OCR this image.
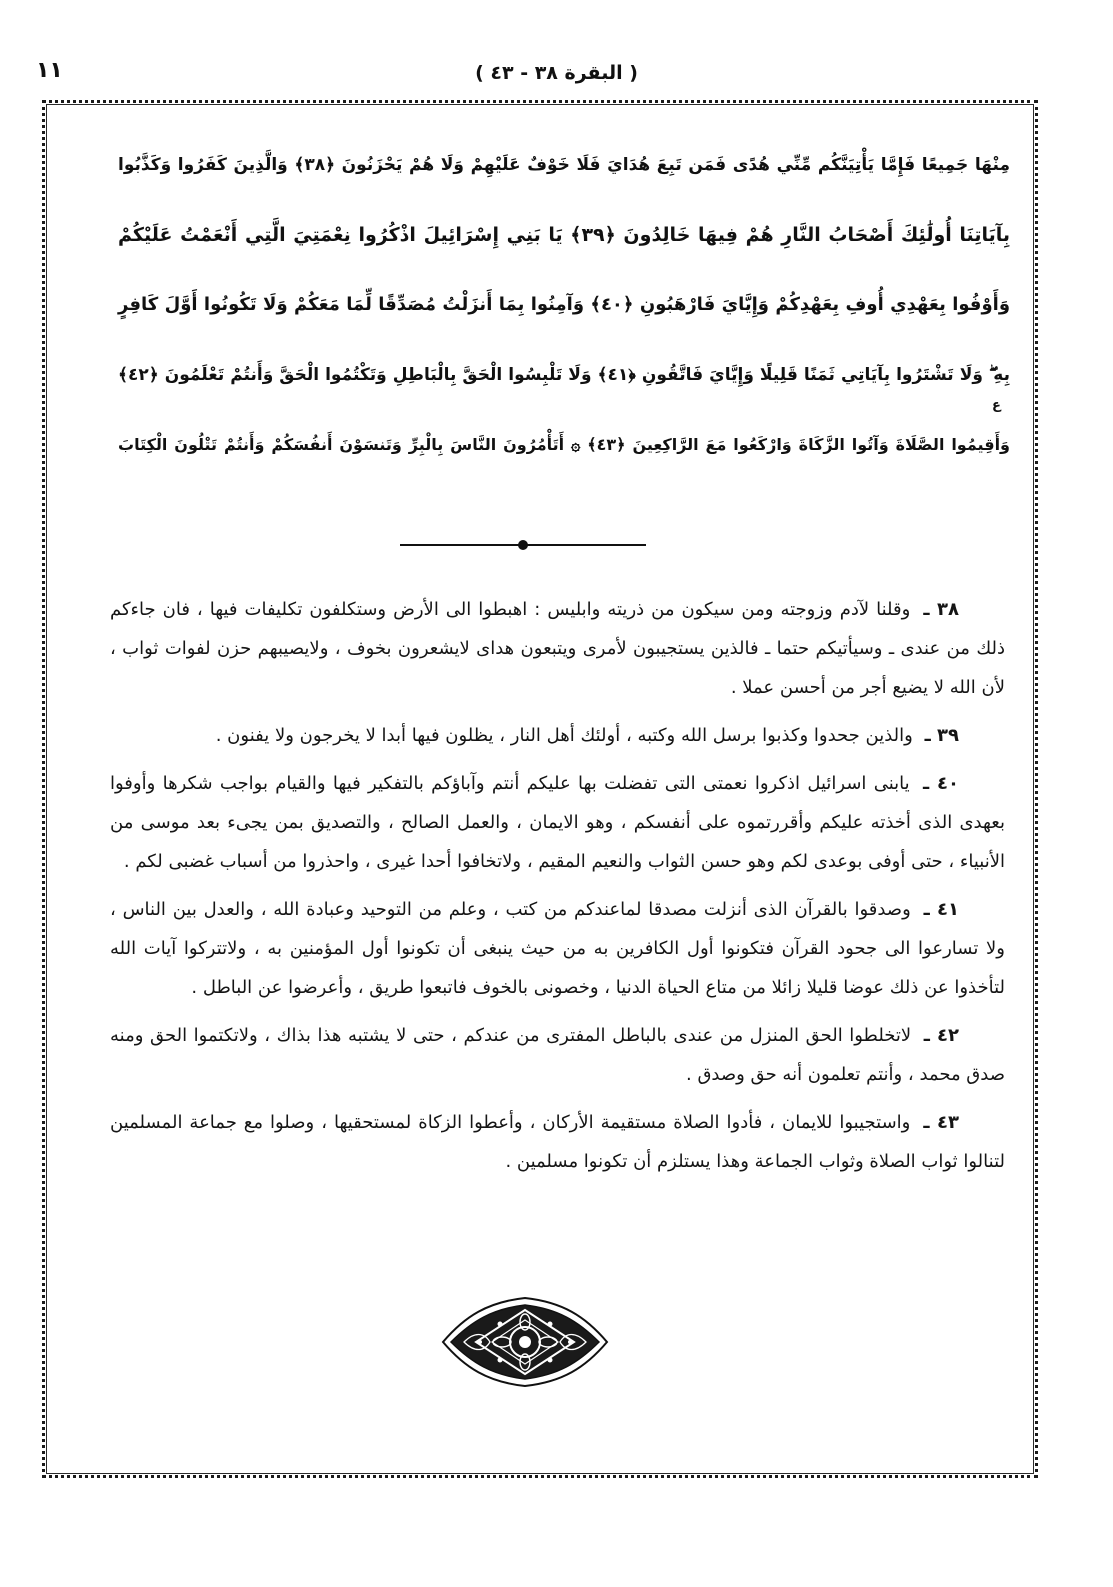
١١	( البقرة ٣٨ - ٤٣ )
مِنْهَا جَمِيعًا فَإِمَّا يَأْتِيَنَّكُم مِّنِّي هُدًى فَمَن تَبِعَ هُدَايَ فَلَا خَوْفٌ عَلَيْهِمْ وَلَا هُمْ يَحْزَنُونَ ﴿٣٨﴾ وَالَّذِينَ كَفَرُوا وَكَذَّبُوا
بِآيَاتِنَا أُولَٰئِكَ أَصْحَابُ النَّارِ هُمْ فِيهَا خَالِدُونَ ﴿٣٩﴾ يَا بَنِي إِسْرَائِيلَ اذْكُرُوا نِعْمَتِيَ الَّتِي أَنْعَمْتُ عَلَيْكُمْ
وَأَوْفُوا بِعَهْدِي أُوفِ بِعَهْدِكُمْ وَإِيَّايَ فَارْهَبُونِ ﴿٤٠﴾ وَآمِنُوا بِمَا أَنزَلْتُ مُصَدِّقًا لِّمَا مَعَكُمْ وَلَا تَكُونُوا أَوَّلَ كَافِرٍ
بِهِ ۖ وَلَا تَشْتَرُوا بِآيَاتِي ثَمَنًا قَلِيلًا وَإِيَّايَ فَاتَّقُونِ ﴿٤١﴾ وَلَا تَلْبِسُوا الْحَقَّ بِالْبَاطِلِ وَتَكْتُمُوا الْحَقَّ وَأَنتُمْ تَعْلَمُونَ ﴿٤٢﴾
وَأَقِيمُوا الصَّلَاةَ وَآتُوا الزَّكَاةَ وَارْكَعُوا مَعَ الرَّاكِعِينَ ﴿٤٣﴾ ۞ أَتَأْمُرُونَ النَّاسَ بِالْبِرِّ وَتَنسَوْنَ أَنفُسَكُمْ وَأَنتُمْ تَتْلُونَ الْكِتَابَ
ع

٣٨ ـ وقلنا لآدم وزوجته ومن سيكون من ذريته وابليس : اهبطوا الى الأرض وستكلفون تكليفات فيها ، فان جاءكم ذلك من عندى ـ وسيأتيكم حتما ـ فالذين يستجيبون لأمرى ويتبعون هداى لايشعرون بخوف ، ولايصيبهم حزن لفوات ثواب ، لأن الله لا يضيع أجر من أحسن عملا .

٣٩ ـ والذين جحدوا وكذبوا برسل الله وكتبه ، أولئك أهل النار ، يظلون فيها أبدا لا يخرجون ولا يفنون .

٤٠ ـ يابنى اسرائيل اذكروا نعمتى التى تفضلت بها عليكم أنتم وآباؤكم بالتفكير فيها والقيام بواجب شكرها وأوفوا بعهدى الذى أخذته عليكم وأقررتموه على أنفسكم ، وهو الايمان ، والعمل الصالح ، والتصديق بمن يجىء بعد موسى من الأنبياء ، حتى أوفى بوعدى لكم وهو حسن الثواب والنعيم المقيم ، ولاتخافوا أحدا غيرى ، واحذروا من أسباب غضبى لكم .

٤١ ـ وصدقوا بالقرآن الذى أنزلت مصدقا لماعندكم من كتب ، وعلم من التوحيد وعبادة الله ، والعدل بين الناس ، ولا تسارعوا الى جحود القرآن فتكونوا أول الكافرين به من حيث ينبغى أن تكونوا أول المؤمنين به ، ولاتتركوا آيات الله لتأخذوا عن ذلك عوضا قليلا زائلا من متاع الحياة الدنيا ، وخصونى بالخوف فاتبعوا طريق ، وأعرضوا عن الباطل .

٤٢ ـ لاتخلطوا الحق المنزل من عندى بالباطل المفترى من عندكم ، حتى لا يشتبه هذا بذاك ، ولاتكتموا الحق ومنه صدق محمد ، وأنتم تعلمون أنه حق وصدق .

٤٣ ـ واستجيبوا للايمان ، فأدوا الصلاة مستقيمة الأركان ، وأعطوا الزكاة لمستحقيها ، وصلوا مع جماعة المسلمين لتنالوا ثواب الصلاة وثواب الجماعة وهذا يستلزم أن تكونوا مسلمين .
